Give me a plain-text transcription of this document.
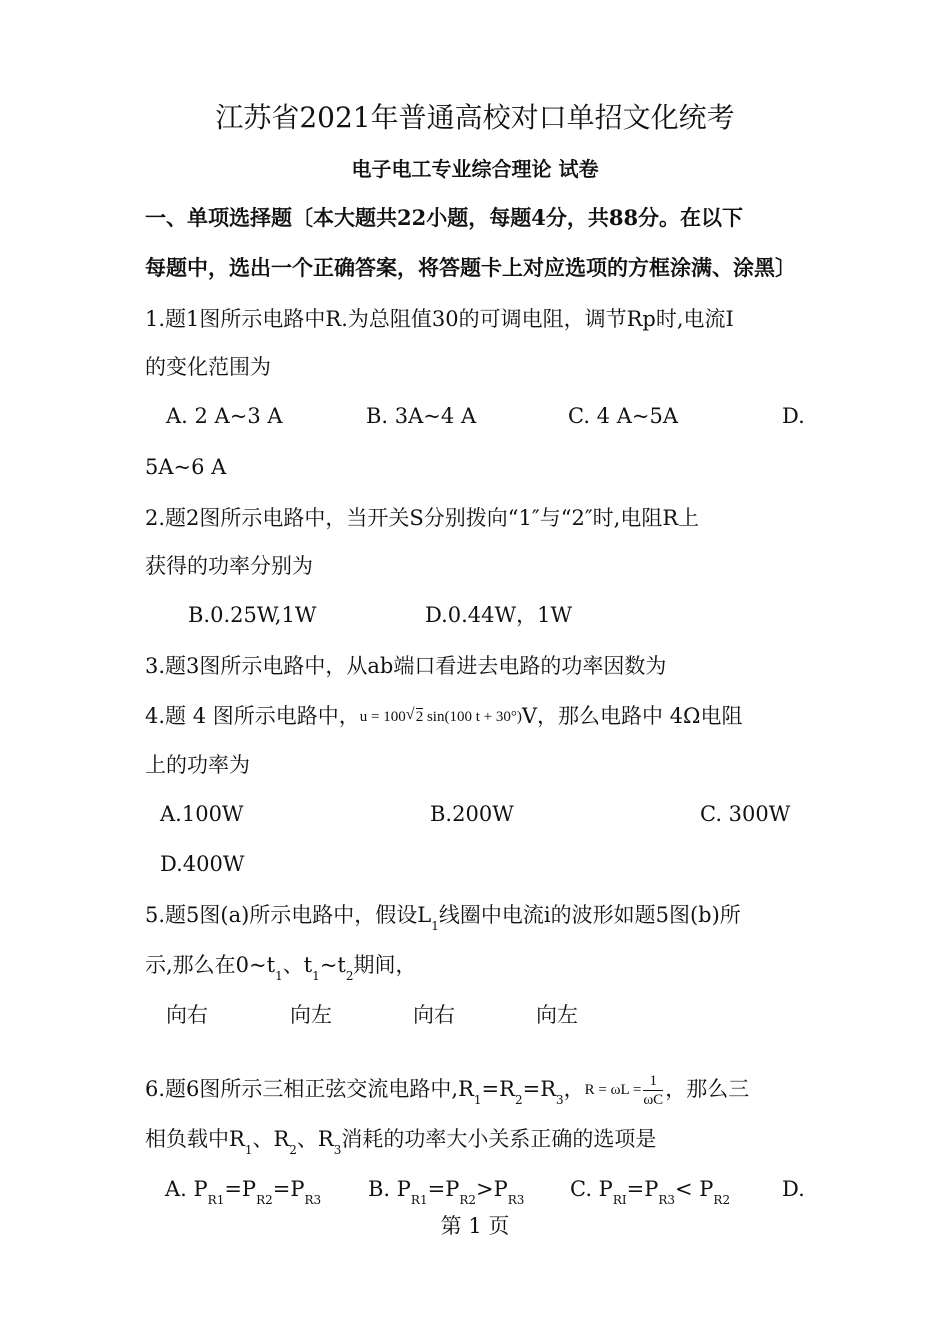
江苏省2021年普通高校对口单招文化统考
电子电工专业综合理论 试卷
一、单项选择题〔本大题共22小题，每题4分，共88分。在以下
每题中，选出一个正确答案，将答题卡上对应选项的方框涂满、涂黑〕
1.题1图所示电路中R.为总阻值30的可调电阻，调节Rp时,电流I
的变化范围为
A. 2 A~3 A	B. 3A~4 A	C. 4 A~5A	D.
5A~6 A
2.题2图所示电路中，当开关S分别拨向“1″与“2″时,电阻R上
获得的功率分别为
B.0.25W,1W	D.0.44W，1W
3.题3图所示电路中，从ab端口看进去电路的功率因数为
4.题 4 图所示电路中，u = 100√ 2 sin(100 t + 30°)V，那么电路中 4Ω电阻
上的功率为
A.100W	B.200W	C. 300W
D.400W
5.题5图(a)所示电路中，假设$L_1$线圈中电流i的波形如题5图(b)所
示,那么在$0\sim t_1$、$t_1\sim t_2$期间，
向右	向左	向右	向左
6.题6图所示三相正弦交流电路中$,R_1=R_2=R_3$，$R = \omega L = \frac{1}{\omega C}$ ，那么三
相负载中$R_1$、$R_2$、$R_3$消耗的功率大小关系正确的选项是
A. $P_{R1}=P_{R2}=P_{R3}$ B. $P_{R1}=P_{R2}>P_{R3}$ C. $P_{RI}=P_{R3}< P_{R2}$ D.
第 1 页
